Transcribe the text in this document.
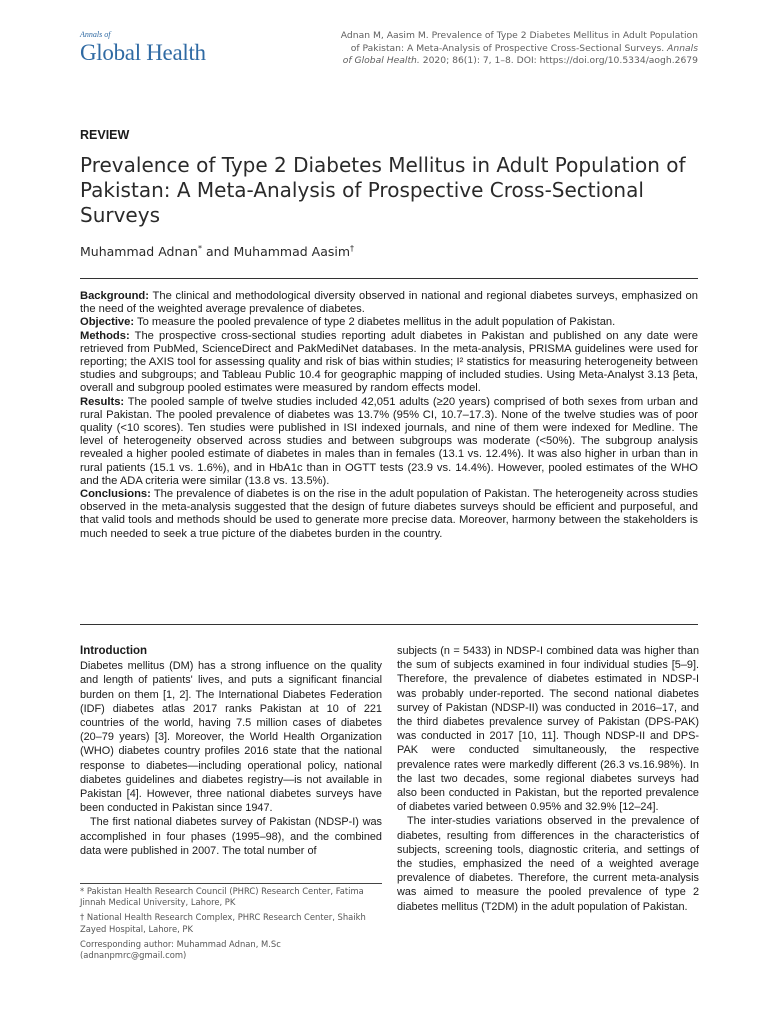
Annals of
Global Health
Adnan M, Aasim M. Prevalence of Type 2 Diabetes Mellitus in Adult Population
of Pakistan: A Meta-Analysis of Prospective Cross-Sectional Surveys. Annals
of Global Health. 2020; 86(1): 7, 1–8. DOI: https://doi.org/10.5334/aogh.2679
REVIEW
Prevalence of Type 2 Diabetes Mellitus in Adult Population of Pakistan: A Meta-Analysis of Prospective Cross-Sectional Surveys
Muhammad Adnan* and Muhammad Aasim†

Background: The clinical and methodological diversity observed in national and regional diabetes surveys, emphasized on the need of the weighted average prevalence of diabetes.

Objective: To measure the pooled prevalence of type 2 diabetes mellitus in the adult population of Pakistan.

Methods: The prospective cross-sectional studies reporting adult diabetes in Pakistan and published on any date were retrieved from PubMed, ScienceDirect and PakMediNet databases. In the meta-analysis, PRISMA guidelines were used for reporting; the AXIS tool for assessing quality and risk of bias within studies; I² statistics for measuring heterogeneity between studies and subgroups; and Tableau Public 10.4 for geographic mapping of included studies. Using Meta-Analyst 3.13 βeta, overall and subgroup pooled estimates were measured by random effects model.

Results: The pooled sample of twelve studies included 42,051 adults (≥20 years) comprised of both sexes from urban and rural Pakistan. The pooled prevalence of diabetes was 13.7% (95% CI, 10.7–17.3). None of the twelve studies was of poor quality (<10 scores). Ten studies were published in ISI indexed journals, and nine of them were indexed for Medline. The level of heterogeneity observed across studies and between subgroups was moderate (<50%). The subgroup analysis revealed a higher pooled estimate of diabetes in males than in females (13.1 vs. 12.4%). It was also higher in urban than in rural patients (15.1 vs. 1.6%), and in HbA1c than in OGTT tests (23.9 vs. 14.4%). However, pooled estimates of the WHO and the ADA criteria were similar (13.8 vs. 13.5%).

Conclusions: The prevalence of diabetes is on the rise in the adult population of Pakistan. The heterogeneity across studies observed in the meta-analysis suggested that the design of future diabetes surveys should be efficient and purposeful, and that valid tools and methods should be used to generate more precise data. Moreover, harmony between the stakeholders is much needed to seek a true picture of the diabetes burden in the country.

Introduction

Diabetes mellitus (DM) has a strong influence on the quality and length of patients' lives, and puts a significant financial burden on them [1, 2]. The International Diabetes Federation (IDF) diabetes atlas 2017 ranks Pakistan at 10 of 221 countries of the world, having 7.5 million cases of diabetes (20–79 years) [3]. Moreover, the World Health Organization (WHO) diabetes country profiles 2016 state that the national response to diabetes—including operational policy, national diabetes guidelines and diabetes registry—is not available in Pakistan [4]. However, three national diabetes surveys have been conducted in Pakistan since 1947.

The first national diabetes survey of Pakistan (NDSP-I) was accomplished in four phases (1995–98), and the combined data were published in 2007. The total number of

subjects (n = 5433) in NDSP-I combined data was higher than the sum of subjects examined in four individual studies [5–9]. Therefore, the prevalence of diabetes estimated in NDSP-I was probably under-reported. The second national diabetes survey of Pakistan (NDSP-II) was conducted in 2016–17, and the third diabetes prevalence survey of Pakistan (DPS-PAK) was conducted in 2017 [10, 11]. Though NDSP-II and DPS-PAK were conducted simultaneously, the respective prevalence rates were markedly different (26.3 vs.16.98%). In the last two decades, some regional diabetes surveys had also been conducted in Pakistan, but the reported prevalence of diabetes varied between 0.95% and 32.9% [12–24].

The inter-studies variations observed in the prevalence of diabetes, resulting from differences in the characteristics of subjects, screening tools, diagnostic criteria, and settings of the studies, emphasized the need of a weighted average prevalence of diabetes. Therefore, the current meta-analysis was aimed to measure the pooled prevalence of type 2 diabetes mellitus (T2DM) in the adult population of Pakistan.

* Pakistan Health Research Council (PHRC) Research Center, Fatima Jinnah Medical University, Lahore, PK

† National Health Research Complex, PHRC Research Center, Shaikh Zayed Hospital, Lahore, PK

Corresponding author: Muhammad Adnan, M.Sc (adnanpmrc@gmail.com)
